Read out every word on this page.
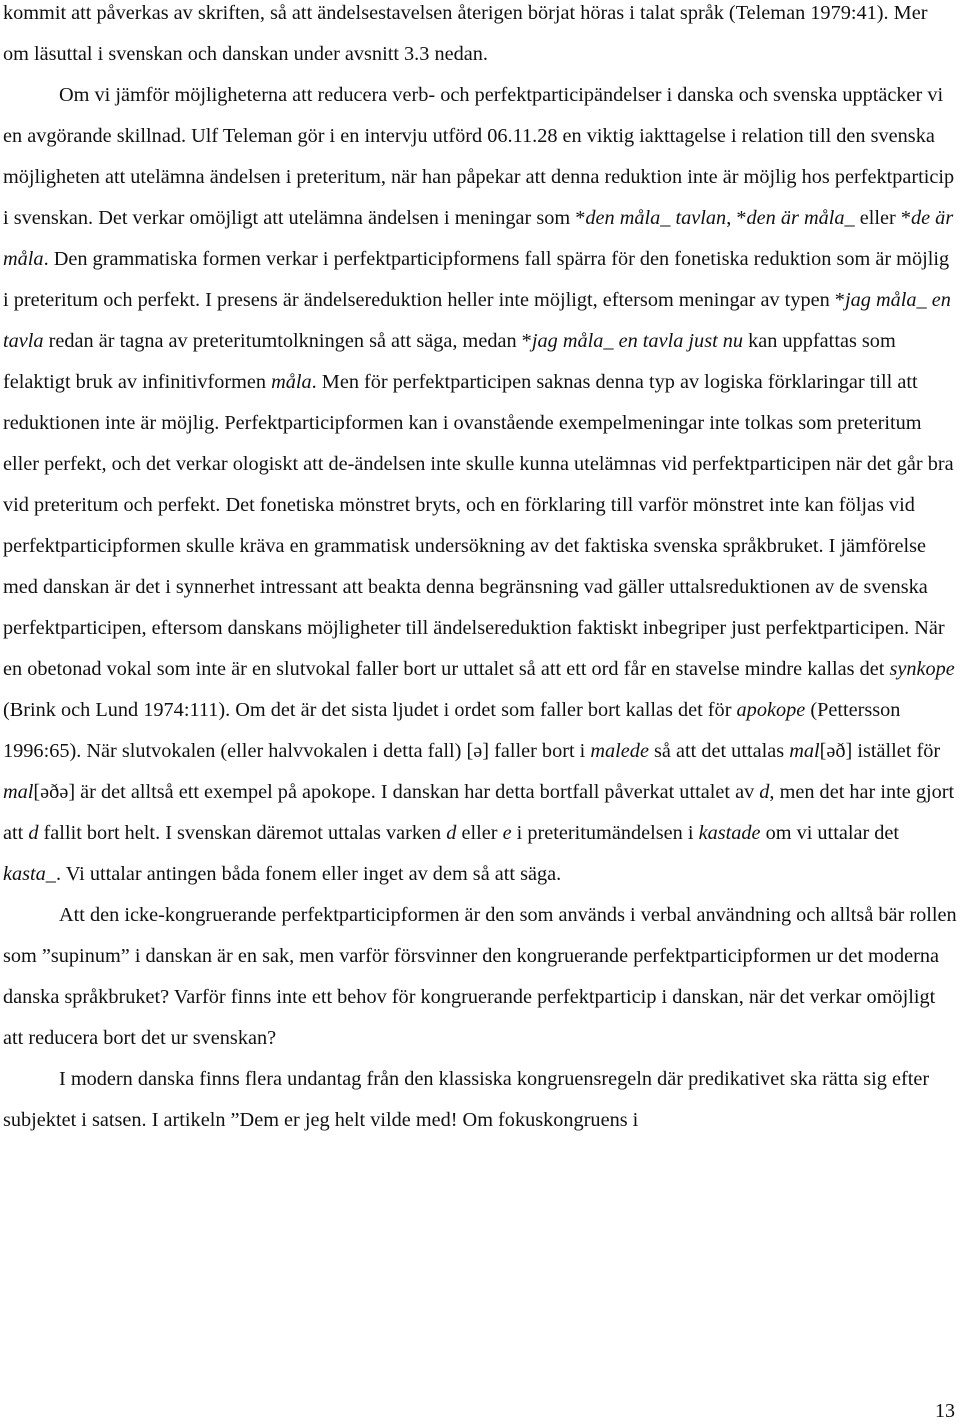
kommit att påverkas av skriften, så att ändelsestavelsen återigen börjat höras i talat språk (Teleman 1979:41). Mer om läsuttal i svenskan och danskan under avsnitt 3.3 nedan.

Om vi jämför möjligheterna att reducera verb- och perfektparticipändelser i danska och svenska upptäcker vi en avgörande skillnad. Ulf Teleman gör i en intervju utförd 06.11.28 en viktig iakttagelse i relation till den svenska möjligheten att utelämna ändelsen i preteritum, när han påpekar att denna reduktion inte är möjlig hos perfektparticip i svenskan. Det verkar omöjligt att utelämna ändelsen i meningar som *den måla_ tavlan, *den är måla_ eller *de är måla. Den grammatiska formen verkar i perfektparticipformens fall spärra för den fonetiska reduktion som är möjlig i preteritum och perfekt. I presens är ändelsereduktion heller inte möjligt, eftersom meningar av typen *jag måla_ en tavla redan är tagna av preteritumtolkningen så att säga, medan *jag måla_ en tavla just nu kan uppfattas som felaktigt bruk av infinitivformen måla. Men för perfektparticipen saknas denna typ av logiska förklaringar till att reduktionen inte är möjlig. Perfektparticipformen kan i ovanstående exempelmeningar inte tolkas som preteritum eller perfekt, och det verkar ologiskt att de-ändelsen inte skulle kunna utelämnas vid perfektparticipen när det går bra vid preteritum och perfekt. Det fonetiska mönstret bryts, och en förklaring till varför mönstret inte kan följas vid perfektparticipformen skulle kräva en grammatisk undersökning av det faktiska svenska språkbruket. I jämförelse med danskan är det i synnerhet intressant att beakta denna begränsning vad gäller uttalsreduktionen av de svenska perfektparticipen, eftersom danskans möjligheter till ändelsereduktion faktiskt inbegriper just perfektparticipen. När en obetonad vokal som inte är en slutvokal faller bort ur uttalet så att ett ord får en stavelse mindre kallas det synkope (Brink och Lund 1974:111). Om det är det sista ljudet i ordet som faller bort kallas det för apokope (Pettersson 1996:65). När slutvokalen (eller halvvokalen i detta fall) [ə] faller bort i malede så att det uttalas mal[əð] istället för mal[əðə] är det alltså ett exempel på apokope. I danskan har detta bortfall påverkat uttalet av d, men det har inte gjort att d fallit bort helt. I svenskan däremot uttalas varken d eller e i preteritumändelsen i kastade om vi uttalar det kasta_. Vi uttalar antingen båda fonem eller inget av dem så att säga.

Att den icke-kongruerande perfektparticipformen är den som används i verbal användning och alltså bär rollen som ”supinum” i danskan är en sak, men varför försvinner den kongruerande perfektparticipformen ur det moderna danska språkbruket? Varför finns inte ett behov för kongruerande perfektparticip i danskan, när det verkar omöjligt att reducera bort det ur svenskan?

I modern danska finns flera undantag från den klassiska kongruensregeln där predikativet ska rätta sig efter subjektet i satsen. I artikeln ”Dem er jeg helt vilde med! Om fokuskongruens i

13
